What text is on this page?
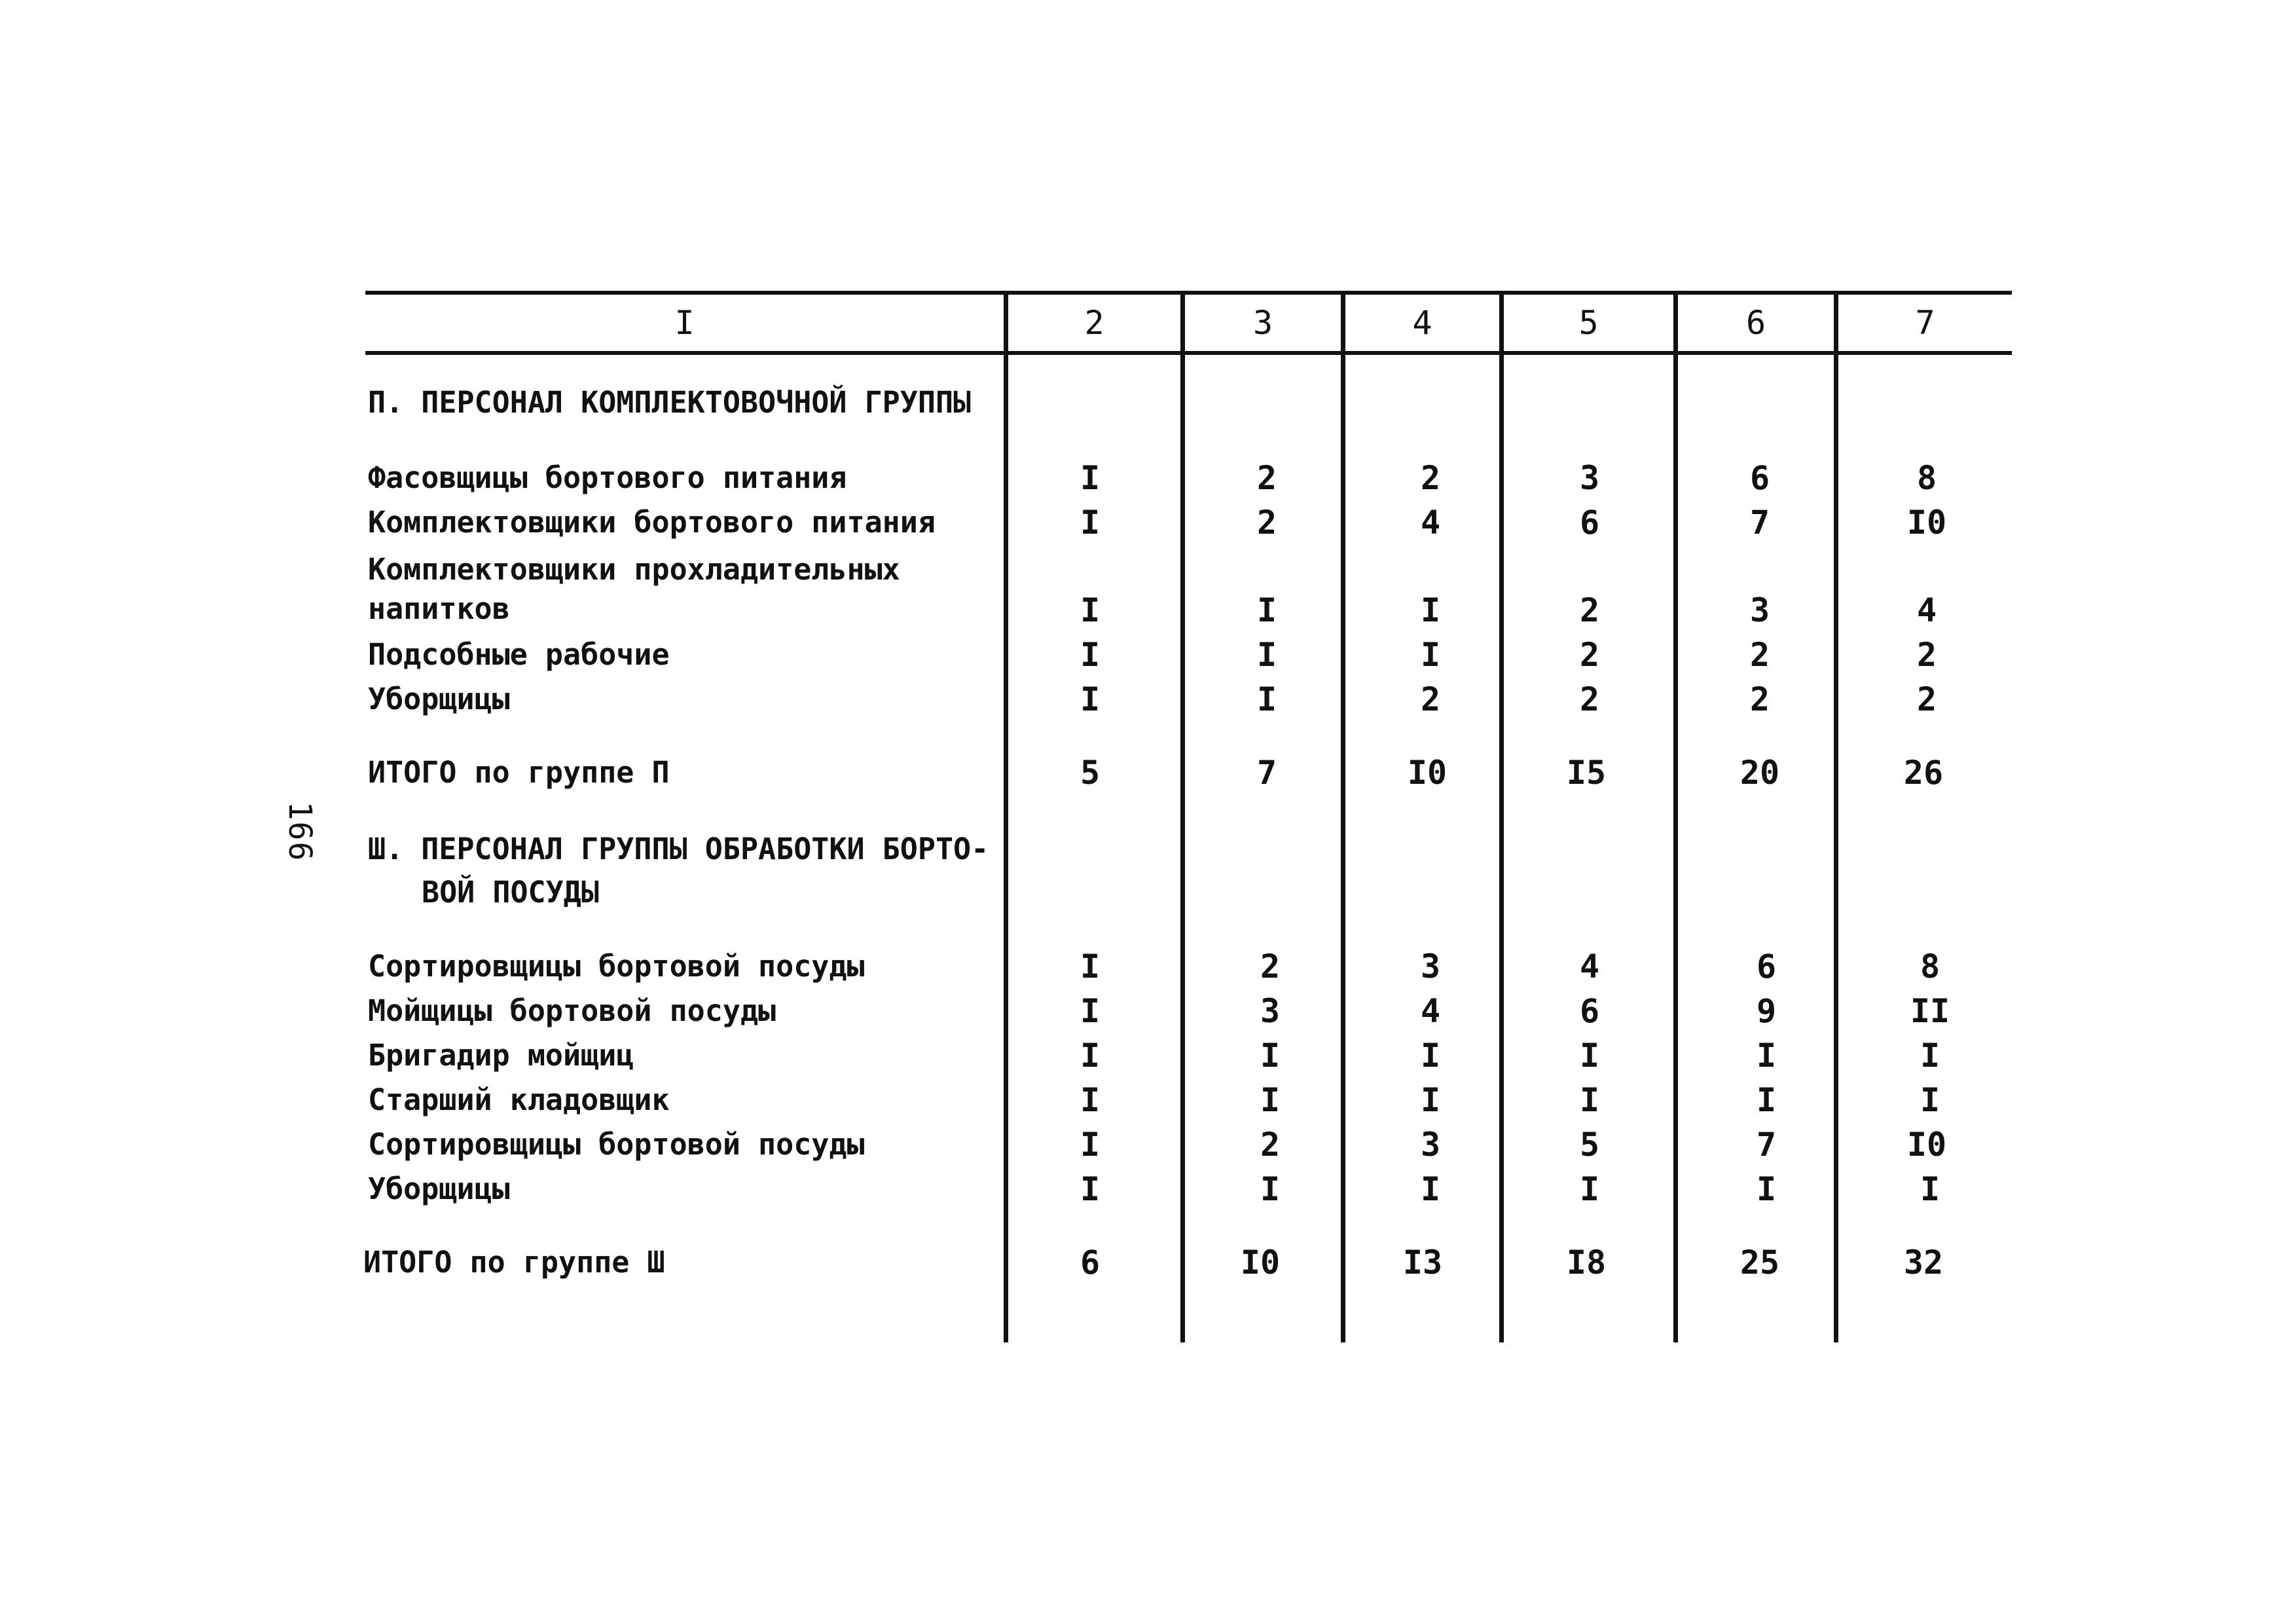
166
I	2	3	4	5	6	7
П. ПЕРСОНАЛ КОМПЛЕКТОВОЧНОЙ ГРУППЫ
Фасовщицы бортового питания	I	2	2	3	6	8
Комплектовщики бортового питания	I	2	4	6	7	I0
Комплектовщики прохладительных напитков	I	I	I	2	3	4
Подсобные рабочие	I	I	I	2	2	2
Уборщицы	I	I	2	2	2	2
ИТОГО по группе П	5	7	I0	I5	20	26
Ш. ПЕРСОНАЛ ГРУППЫ ОБРАБОТКИ БОРТО-
ВОЙ ПОСУДЫ
Сортировщицы бортовой посуды	I	2	3	4	6	8
Мойщицы бортовой посуды	I	3	4	6	9	II
Бригадир мойщиц	I	I	I	I	I	I
Старший кладовщик	I	I	I	I	I	I
Сортировщицы бортовой посуды	I	2	3	5	7	I0
Уборщицы	I	I	I	I	I	I
ИТОГО по группе Ш	6	I0	I3	I8	25	32
